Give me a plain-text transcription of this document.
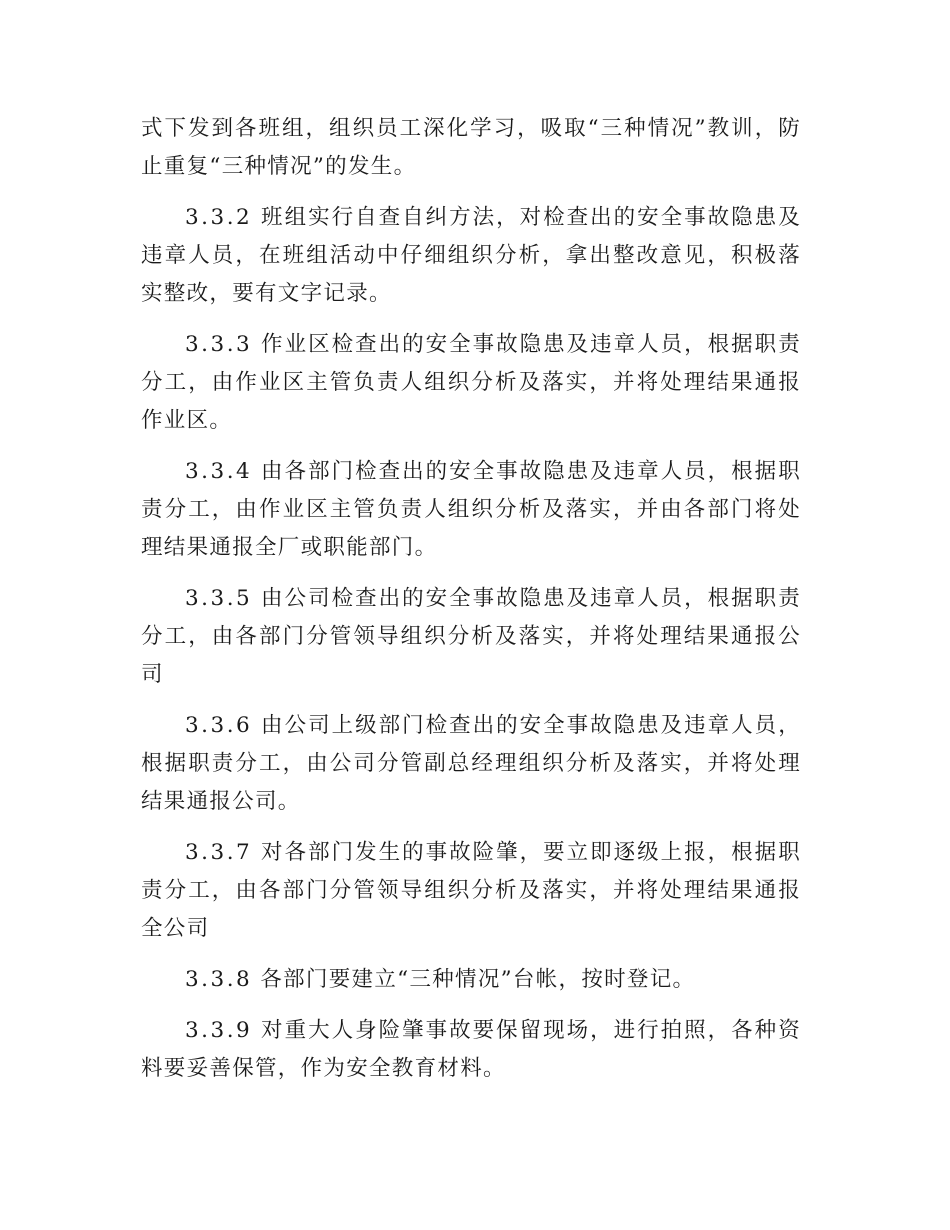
式下发到各班组，组织员工深化学习，吸取“三种情况”教训，防止重复“三种情况”的发生。

3.3.2 班组实行自查自纠方法，对检查出的安全事故隐患及违章人员，在班组活动中仔细组织分析，拿出整改意见，积极落实整改，要有文字记录。

3.3.3 作业区检查出的安全事故隐患及违章人员，根据职责分工，由作业区主管负责人组织分析及落实，并将处理结果通报作业区。

3.3.4 由各部门检查出的安全事故隐患及违章人员，根据职责分工，由作业区主管负责人组织分析及落实，并由各部门将处理结果通报全厂或职能部门。

3.3.5 由公司检查出的安全事故隐患及违章人员，根据职责分工，由各部门分管领导组织分析及落实，并将处理结果通报公司

3.3.6 由公司上级部门检查出的安全事故隐患及违章人员，根据职责分工，由公司分管副总经理组织分析及落实，并将处理结果通报公司。

3.3.7 对各部门发生的事故险肇，要立即逐级上报，根据职责分工，由各部门分管领导组织分析及落实，并将处理结果通报全公司

3.3.8 各部门要建立“三种情况”台帐，按时登记。

3.3.9 对重大人身险肇事故要保留现场，进行拍照，各种资料要妥善保管，作为安全教育材料。
